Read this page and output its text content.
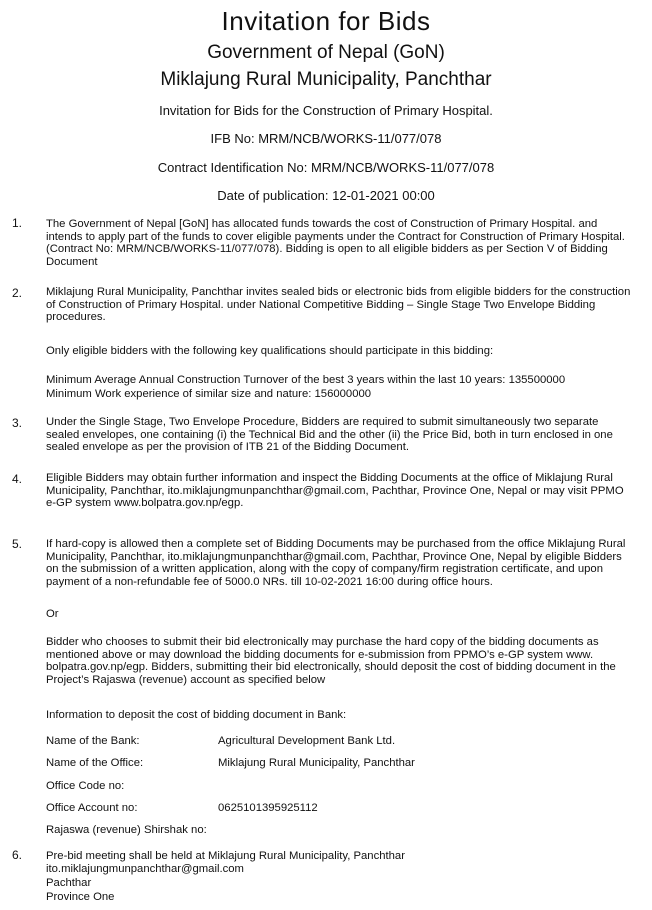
Invitation for Bids
Government of Nepal (GoN)
Miklajung Rural Municipality, Panchthar
Invitation for Bids for the Construction of Primary Hospital.
IFB No: MRM/NCB/WORKS-11/077/078
Contract Identification No: MRM/NCB/WORKS-11/077/078
Date of publication: 12-01-2021 00:00
1. The Government of Nepal [GoN] has allocated funds towards the cost of Construction of Primary Hospital. and intends to apply part of the funds to cover eligible payments under the Contract for Construction of Primary Hospital. (Contract No: MRM/NCB/WORKS-11/077/078). Bidding is open to all eligible bidders as per Section V of Bidding Document
2. Miklajung Rural Municipality, Panchthar invites sealed bids or electronic bids from eligible bidders for the construction of Construction of Primary Hospital. under National Competitive Bidding – Single Stage Two Envelope Bidding procedures.
Only eligible bidders with the following key qualifications should participate in this bidding:
Minimum Average Annual Construction Turnover of the best 3 years within the last 10 years: 135500000
Minimum Work experience of similar size and nature: 156000000
3. Under the Single Stage, Two Envelope Procedure, Bidders are required to submit simultaneously two separate sealed envelopes, one containing (i) the Technical Bid and the other (ii) the Price Bid, both in turn enclosed in one sealed envelope as per the provision of ITB 21 of the Bidding Document.
4. Eligible Bidders may obtain further information and inspect the Bidding Documents at the office of Miklajung Rural Municipality, Panchthar, ito.miklajungmunpanchthar@gmail.com, Pachthar, Province One, Nepal or may visit PPMO e-GP system www.bolpatra.gov.np/egp.
5. If hard-copy is allowed then a complete set of Bidding Documents may be purchased from the office Miklajung Rural Municipality, Panchthar, ito.miklajungmunpanchthar@gmail.com, Pachthar, Province One, Nepal by eligible Bidders on the submission of a written application, along with the copy of company/firm registration certificate, and upon payment of a non-refundable fee of 5000.0 NRs. till 10-02-2021 16:00 during office hours.
Or
Bidder who chooses to submit their bid electronically may purchase the hard copy of the bidding documents as mentioned above or may download the bidding documents for e-submission from PPMO’s e-GP system www. bolpatra.gov.np/egp. Bidders, submitting their bid electronically, should deposit the cost of bidding document in the Project’s Rajaswa (revenue) account as specified below
Information to deposit the cost of bidding document in Bank:
Name of the Bank:	Agricultural Development Bank Ltd.
Name of the Office:	Miklajung Rural Municipality, Panchthar
Office Code no:
Office Account no:	0625101395925112
Rajaswa (revenue) Shirshak no:
6. Pre-bid meeting shall be held at Miklajung Rural Municipality, Panchthar
ito.miklajungmunpanchthar@gmail.com
Pachthar
Province One
